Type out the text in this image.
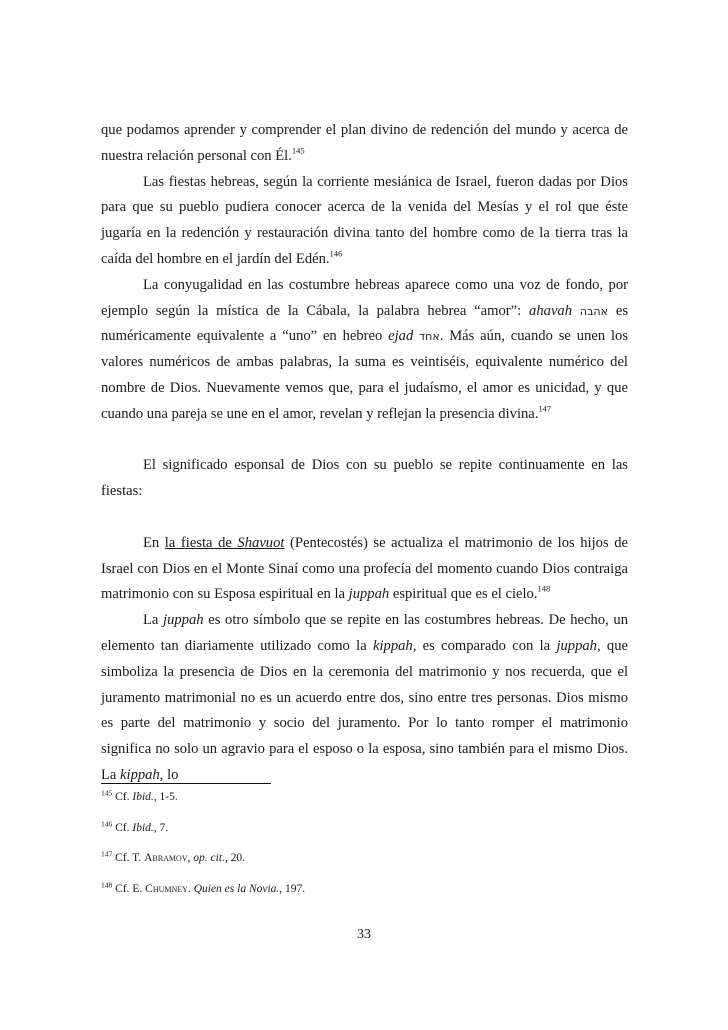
que podamos aprender y comprender el plan divino de redención del mundo y acerca de nuestra relación personal con Él.$^{145}$

Las fiestas hebreas, según la corriente mesiánica de Israel, fueron dadas por Dios para que su pueblo pudiera conocer acerca de la venida del Mesías y el rol que éste jugaría en la redención y restauración divina tanto del hombre como de la tierra tras la caída del hombre en el jardín del Edén.$^{146}$

La conyugalidad en las costumbre hebreas aparece como una voz de fondo, por ejemplo según la mística de la Cábala, la palabra hebrea “amor”: ahavah אהבה es numéricamente equivalente a “uno” en hebreo ejad אחד. Más aún, cuando se unen los valores numéricos de ambas palabras, la suma es veintiséis, equivalente numérico del nombre de Dios. Nuevamente vemos que, para el judaísmo, el amor es unicidad, y que cuando una pareja se une en el amor, revelan y reflejan la presencia divina.$^{147}$

El significado esponsal de Dios con su pueblo se repite continuamente en las fiestas:

En la fiesta de Shavuot (Pentecostés) se actualiza el matrimonio de los hijos de Israel con Dios en el Monte Sinaí como una profecía del momento cuando Dios contraiga matrimonio con su Esposa espiritual en la juppah espiritual que es el cielo.$^{148}$

La juppah es otro símbolo que se repite en las costumbres hebreas. De hecho, un elemento tan diariamente utilizado como la kippah, es comparado con la juppah, que simboliza la presencia de Dios en la ceremonia del matrimonio y nos recuerda, que el juramento matrimonial no es un acuerdo entre dos, sino entre tres personas. Dios mismo es parte del matrimonio y socio del juramento. Por lo tanto romper el matrimonio significa no solo un agravio para el esposo o la esposa, sino también para el mismo Dios. La kippah, lo

$^{145}$ Cf. Ibid., 1-5.

$^{146}$ Cf. Ibid., 7.

$^{147}$ Cf. T. Abramov, op. cit., 20.

$^{148}$ Cf. E. Chumney. Quien es la Novia., 197.

33
